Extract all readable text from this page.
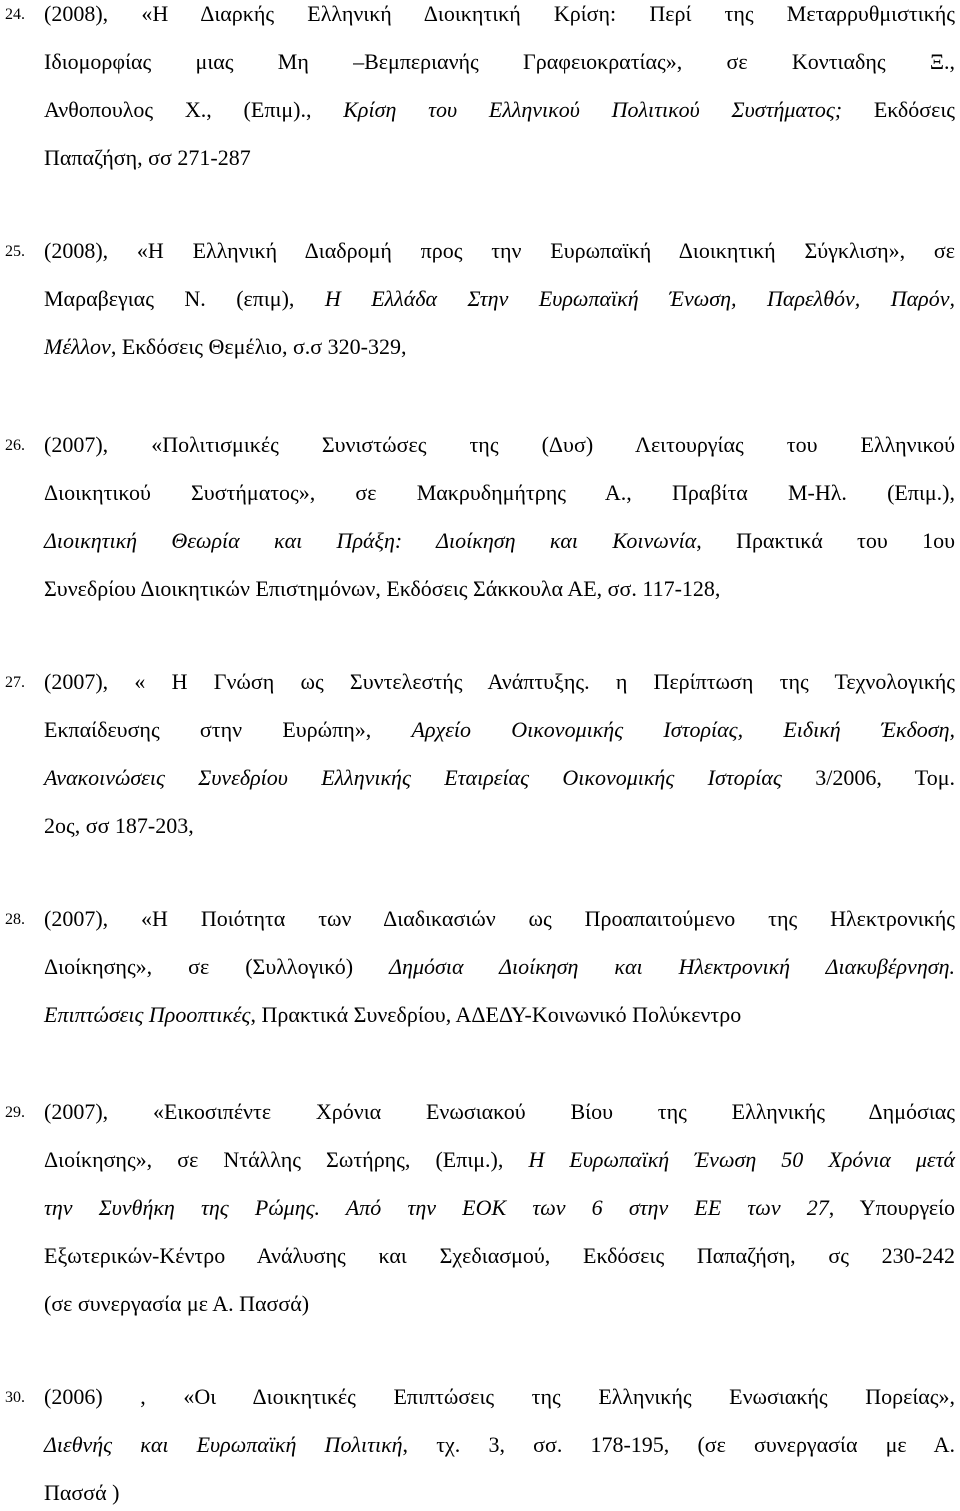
24. (2008), «Η Διαρκής Ελληνική Διοικητική Κρίση: Περί της Μεταρρυθμιστικής
Ιδιομορφίας μιας Μη –Βεμπεριανής Γραφειοκρατίας», σε Κοντιαδης Ξ.,
Ανθοπουλος Χ., (Επιμ)., Κρίση του Ελληνικού Πολιτικού Συστήματος; Εκδόσεις
Παπαζήση, σσ 271-287
25. (2008), «Η Ελληνική Διαδρομή προς την Ευρωπαϊκή Διοικητική Σύγκλιση», σε
Μαραβεγιας Ν. (επιμ), Η Ελλάδα Στην Ευρωπαϊκή Ένωση, Παρελθόν, Παρόν,
Μέλλον, Εκδόσεις Θεμέλιο, σ.σ 320-329,
26. (2007), «Πολιτισμικές Συνιστώσες της (Δυσ) Λειτουργίας του Ελληνικού
Διοικητικού Συστήματος», σε Μακρυδημήτρης Α., Πραβίτα Μ-Ηλ. (Επιμ.),
Διοικητική Θεωρία και Πράξη: Διοίκηση και Κοινωνία, Πρακτικά του 1ου
Συνεδρίου Διοικητικών Επιστημόνων, Εκδόσεις Σάκκουλα ΑΕ, σσ. 117-128,
27. (2007), « Η Γνώση ως Συντελεστής Ανάπτυξης. η Περίπτωση της Τεχνολογικής
Εκπαίδευσης στην Ευρώπη», Αρχείο Οικονομικής Ιστορίας, Ειδική Έκδοση,
Ανακοινώσεις Συνεδρίου Ελληνικής Εταιρείας Οικονομικής Ιστορίας 3/2006, Τομ.
2ος, σσ 187-203,
28. (2007), «Η Ποιότητα των Διαδικασιών ως Προαπαιτούμενο της Ηλεκτρονικής
Διοίκησης», σε (Συλλογικό) Δημόσια Διοίκηση και Ηλεκτρονική Διακυβέρνηση.
Επιπτώσεις Προοπτικές, Πρακτικά Συνεδρίου, ΑΔΕΔΥ-Κοινωνικό Πολύκεντρο
29. (2007), «Εικοσιπέντε Χρόνια Ενωσιακού Βίου της Ελληνικής Δημόσιας
Διοίκησης», σε Ντάλλης Σωτήρης, (Επιμ.), Η Ευρωπαϊκή Ένωση 50 Χρόνια μετά
την Συνθήκη της Ρώμης. Από την ΕΟΚ των 6 στην ΕΕ των 27, Υπουργείο
Εξωτερικών-Κέντρο Ανάλυσης και Σχεδιασμού, Εκδόσεις Παπαζήση, σς 230-242
(σε συνεργασία με Α. Πασσά)
30. (2006) , «Οι Διοικητικές Επιπτώσεις της Ελληνικής Ενωσιακής Πορείας»,
Διεθνής και Ευρωπαϊκή Πολιτική, τχ. 3, σσ. 178-195, (σε συνεργασία με Α.
Πασσά )
